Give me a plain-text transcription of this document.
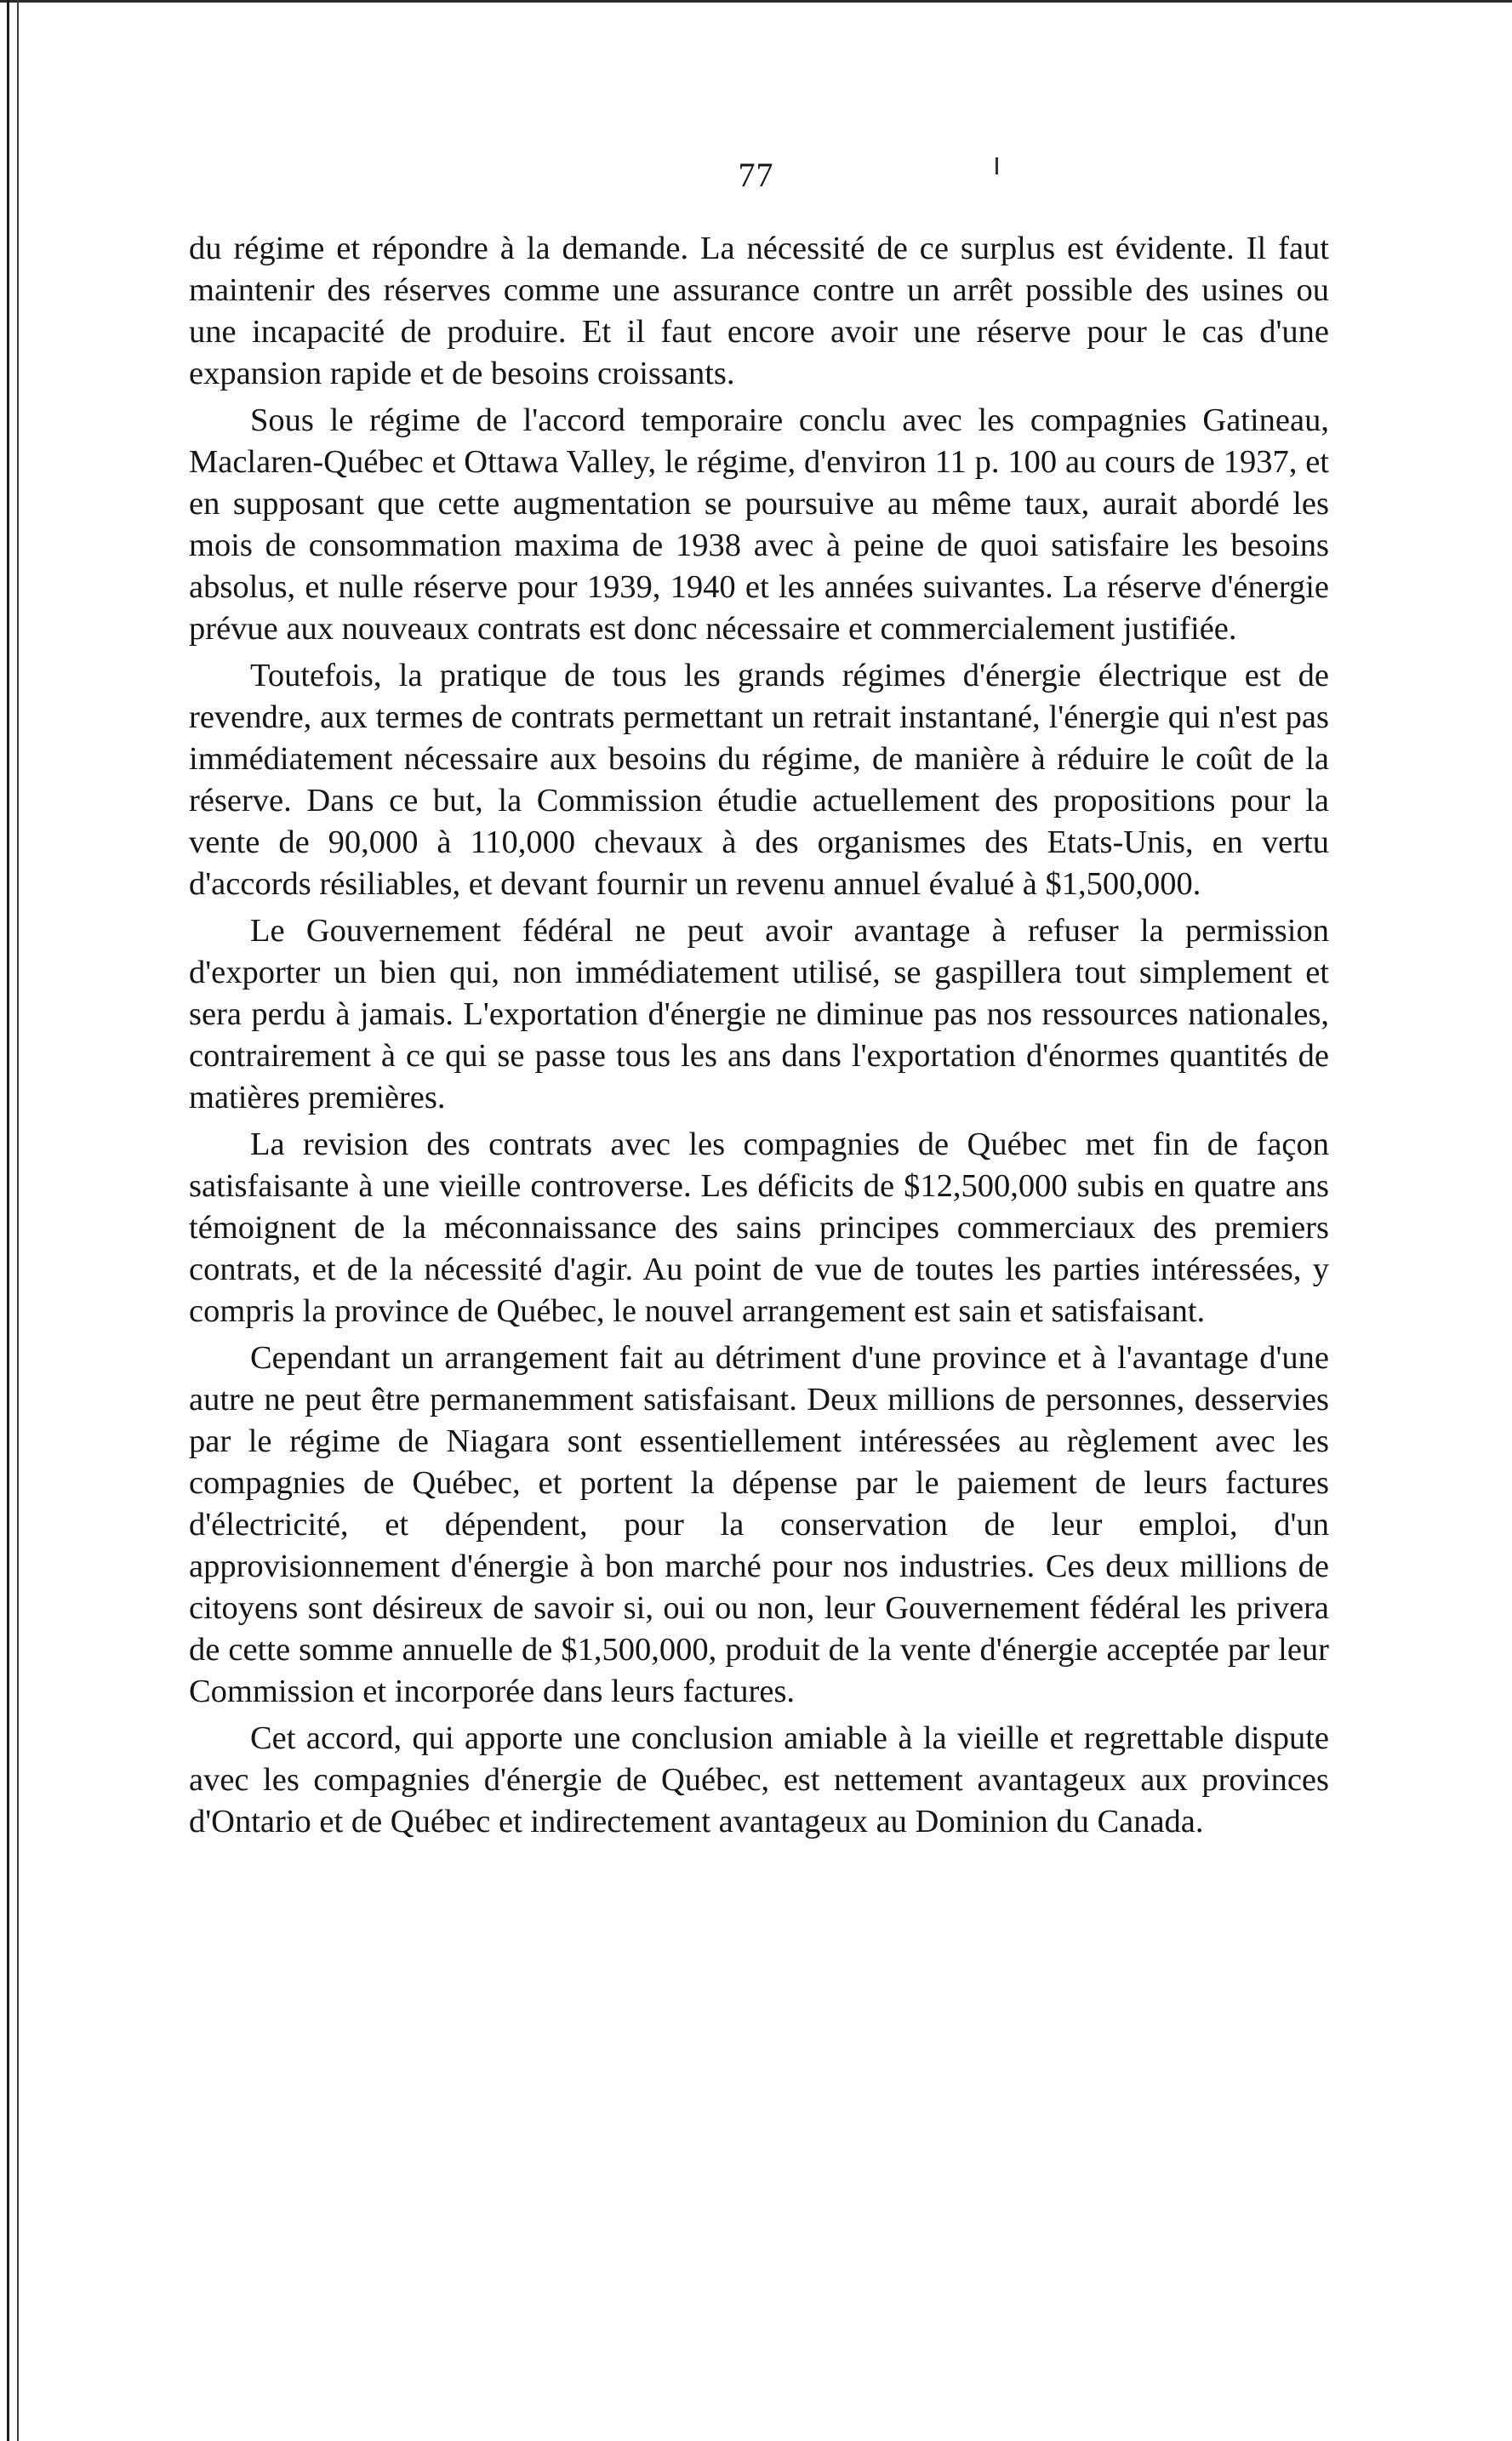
77

du régime et répondre à la demande. La nécessité de ce surplus est évidente. Il faut maintenir des réserves comme une assurance contre un arrêt possible des usines ou une incapacité de produire. Et il faut encore avoir une réserve pour le cas d'une expansion rapide et de besoins croissants.

Sous le régime de l'accord temporaire conclu avec les compagnies Gatineau, Maclaren-Québec et Ottawa Valley, le régime, d'environ 11 p. 100 au cours de 1937, et en supposant que cette augmentation se poursuive au même taux, aurait abordé les mois de consommation maxima de 1938 avec à peine de quoi satisfaire les besoins absolus, et nulle réserve pour 1939, 1940 et les années suivantes. La réserve d'énergie prévue aux nouveaux contrats est donc nécessaire et commercialement justifiée.

Toutefois, la pratique de tous les grands régimes d'énergie électrique est de revendre, aux termes de contrats permettant un retrait instantané, l'énergie qui n'est pas immédiatement nécessaire aux besoins du régime, de manière à réduire le coût de la réserve. Dans ce but, la Commission étudie actuellement des propositions pour la vente de 90,000 à 110,000 chevaux à des organismes des Etats-Unis, en vertu d'accords résiliables, et devant fournir un revenu annuel évalué à $1,500,000.

Le Gouvernement fédéral ne peut avoir avantage à refuser la permission d'exporter un bien qui, non immédiatement utilisé, se gaspillera tout simplement et sera perdu à jamais. L'exportation d'énergie ne diminue pas nos ressources nationales, contrairement à ce qui se passe tous les ans dans l'exportation d'énormes quantités de matières premières.

La revision des contrats avec les compagnies de Québec met fin de façon satisfaisante à une vieille controverse. Les déficits de $12,500,000 subis en quatre ans témoignent de la méconnaissance des sains principes commerciaux des premiers contrats, et de la nécessité d'agir. Au point de vue de toutes les parties intéressées, y compris la province de Québec, le nouvel arrangement est sain et satisfaisant.

Cependant un arrangement fait au détriment d'une province et à l'avantage d'une autre ne peut être permanemment satisfaisant. Deux millions de personnes, desservies par le régime de Niagara sont essentiellement intéressées au règlement avec les compagnies de Québec, et portent la dépense par le paiement de leurs factures d'électricité, et dépendent, pour la conservation de leur emploi, d'un approvisionnement d'énergie à bon marché pour nos industries. Ces deux millions de citoyens sont désireux de savoir si, oui ou non, leur Gouvernement fédéral les privera de cette somme annuelle de $1,500,000, produit de la vente d'énergie acceptée par leur Commission et incorporée dans leurs factures.

Cet accord, qui apporte une conclusion amiable à la vieille et regrettable dispute avec les compagnies d'énergie de Québec, est nettement avantageux aux provinces d'Ontario et de Québec et indirectement avantageux au Dominion du Canada.
